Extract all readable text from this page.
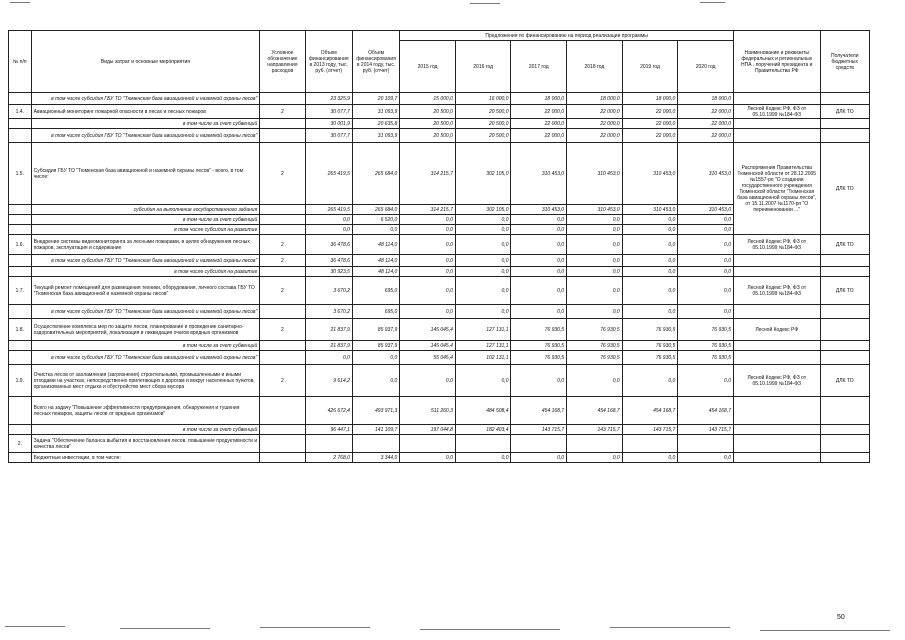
№ п/п	Виды затрат и основные мероприятия	Условное обозначение направления расходов	Объем финансирования в 2013 году, тыс. руб. (отчет)	Объем финансирования в 2014 году, тыс. руб. (отчет)	Предложения по финансированию на период реализации программы						Наименование и реквизиты федеральных и региональных НПА , поручений президента и Правительства РФ	Получатели бюджетных средств
					2015 год	2016 год	2017 год	2018 год	2019 год	2020 год		
	в том числе субсидия ГБУ ТО "Тюменская база авиационной и наземной охраны лесов"		23 325,9	20 109,7	15 000,0	16 000,0	18 000,0	18 000,0	18 000,0	18 000,0		
1.4.	Авиационный мониторинг пожарной опасности в лесах и лесных пожаров	2	30 077,7	31 093,9	20 500,0	20 500,0	22 000,0	22 000,0	22 000,0	22 000,0	Лесной Кодекс РФ, ФЗ от 05.10.1999 №184-ФЗ	ДЛК ТО
	в том числе за счет субвенций		30 001,9	20 635,8	20 500,0	20 500,0	22 000,0	22 000,0	22 000,0	22 000,0		
	в том числе субсидия ГБУ ТО "Тюменская база авиационной и наземной охраны лесов"		30 077,7	31 093,9	20 500,0	20 500,0	22 000,0	22 000,0	22 000,0	22 000,0		
1.5.	Субсидия ГБУ ТО "Тюменская база авиационной и наземной охраны лесов" - всего, в том числе:	2	265 419,5	265 684,0	314 215,7	302 105,0	310 453,0	310 453,0	310 453,0	310 453,0	Распоряжения Правительства Тюменской области от 28.12.2005 №1557-рп "О создании государственного учреждения Тюменской области "Тюменская база авиационной охраны лесов", от 15.11.2007 №1170-рп "О переименовании ..."	ДЛК ТО
	субсидия на выполнение государственного задания		265 419,5	265 684,0	314 215,7	302 105,0	310 453,0	310 453,0	310 453,0	310 453,0		
	в том числе за счет субвенций		0,0	6 520,0	0,0	0,0	0,0	0,0	0,0	0,0		
	в том числе субсидия на развитие		0,0	0,0	0,0	0,0	0,0	0,0	0,0	0,0		
1.6.	Внедрение системы видеомониторинга за лесными пожарами, в целях обнаружения лесных пожаров, эксплуатация и содержание	2	36 478,6	48 114,0	0,0	0,0	0,0	0,0	0,0	0,0	Лесной Кодекс РФ, ФЗ от 05.10.1999 №184-ФЗ	ДЛК ТО
	в том числе субсидия ГБУ ТО "Тюменская база авиационной и наземной охраны лесов"	2	36 478,6	48 114,0	0,0	0,0	0,0	0,0	0,0	0,0		
	в том числе субсидия на развитие		30 923,5	48 114,0	0,0	0,0	0,0	0,0	0,0	0,0		
1.7.	Текущий ремонт помещений для размещения техники, оборудования, личного состава ГБУ ТО "Тюменская база авиационной и наземной охраны лесов"	2	3 670,2	695,0	0,0	0,0	0,0	0,0	0,0	0,0	Лесной Кодекс РФ, ФЗ от 05.10.1999 №184-ФЗ	ДЛК ТО
	в том числе субсидия ГБУ ТО "Тюменская база авиационной и наземной охраны лесов"		3 670,2	695,0	0,0	0,0	0,0	0,0	0,0	0,0		
1.8.	Осуществление комплекса мер по защите лесов, планирование и проведение санитарно-оздоровительных мероприятий, локализация и ликвидация очагов вредных организмов	2	21 837,9	85 937,9	145 045,4	127 131,1	76 930,5	76 930,5	76 930,5	76 930,5	Лесной Кодекс РФ	
	в том числе за счет субвенций		21 837,9	85 937,9	145 045,4	127 131,1	76 930,5	76 930,5	76 930,5	76 930,5		
	в том числе субсидия ГБУ ТО "Тюменская база авиационной и наземной охраны лесов"		0,0	0,0	55 045,4	102 131,1	76 930,5	76 930,5	76 930,5	76 930,5		
1.9.	Очистка лесов от захламления (загрязнения) строительными, промышленными и иными отходами на участках, непосредственно прилегающих к дорогам и вокруг населенных пунктов, организованных мест отдыха и обустройство мест сбора мусора	2	9 614,2	0,0	0,0	0,0	0,0	0,0	0,0	0,0	Лесной Кодекс РФ, ФЗ от 05.10.1999 №184-ФЗ	ДЛК ТО
	Всего на задачу "Повышение эффективности предупреждения, обнаружения и тушения лесных пожаров, защиты лесов от вредных организмов"		426 672,4	493 971,3	511 260,3	484 508,4	454 168,7	454 168,7	454 168,7	454 168,7		
	в том числе за счет субвенций		96 447,1	141 109,7	197 044,8	182 403,4	143 715,7	143 715,7	143 715,7	143 715,7		
2.	Задача "Обеспечение баланса выбытия и восстановления лесов, повышение продуктивности и качества лесов"											
	Бюджетные инвестиции, в том числе:		2 768,0	3 344,0	0,0	0,0	0,0	0,0	0,0	0,0		
50
